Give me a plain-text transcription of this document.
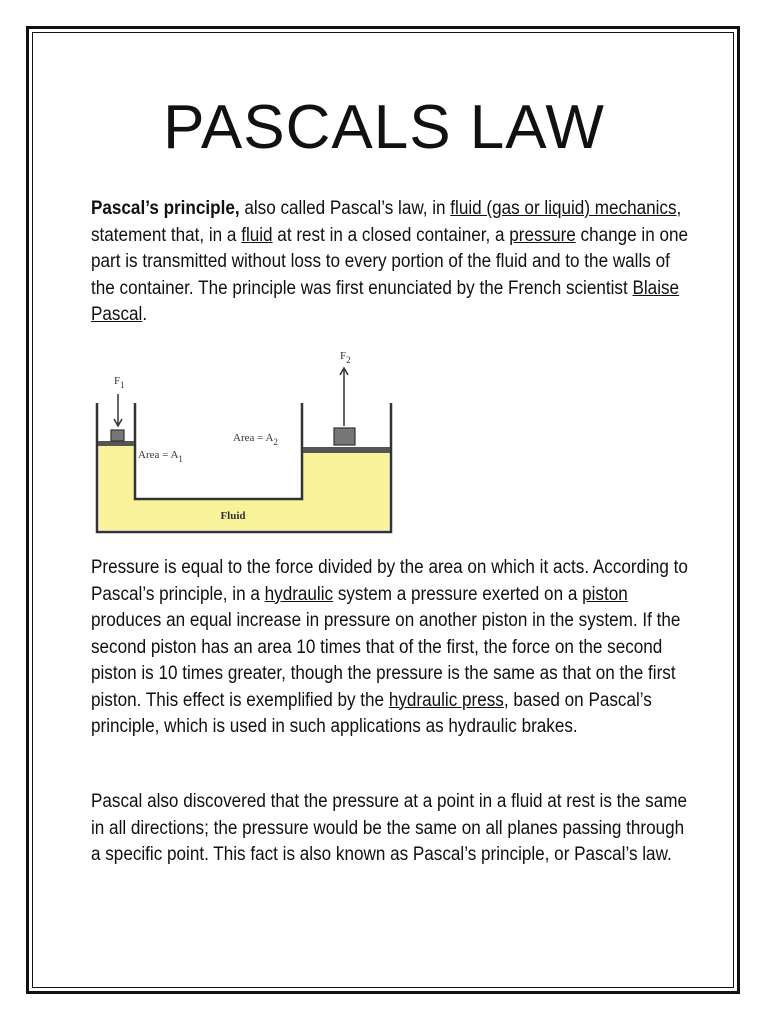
PASCALS LAW

Pascal’s principle, also called Pascal’s law, in fluid (gas or liquid) mechanics, statement that, in a fluid at rest in a closed container, a pressure change in one part is transmitted without loss to every portion of the fluid and to the walls of the container. The principle was first enunciated by the French scientist Blaise Pascal.

$F_1$
$F_2$
Area = $A_1$
Area = $A_2$
Fluid

Pressure is equal to the force divided by the area on which it acts. According to Pascal’s principle, in a hydraulic system a pressure exerted on a piston produces an equal increase in pressure on another piston in the system. If the second piston has an area 10 times that of the first, the force on the second piston is 10 times greater, though the pressure is the same as that on the first piston. This effect is exemplified by the hydraulic press, based on Pascal’s principle, which is used in such applications as hydraulic brakes.

Pascal also discovered that the pressure at a point in a fluid at rest is the same in all directions; the pressure would be the same on all planes passing through a specific point. This fact is also known as Pascal’s principle, or Pascal’s law.
